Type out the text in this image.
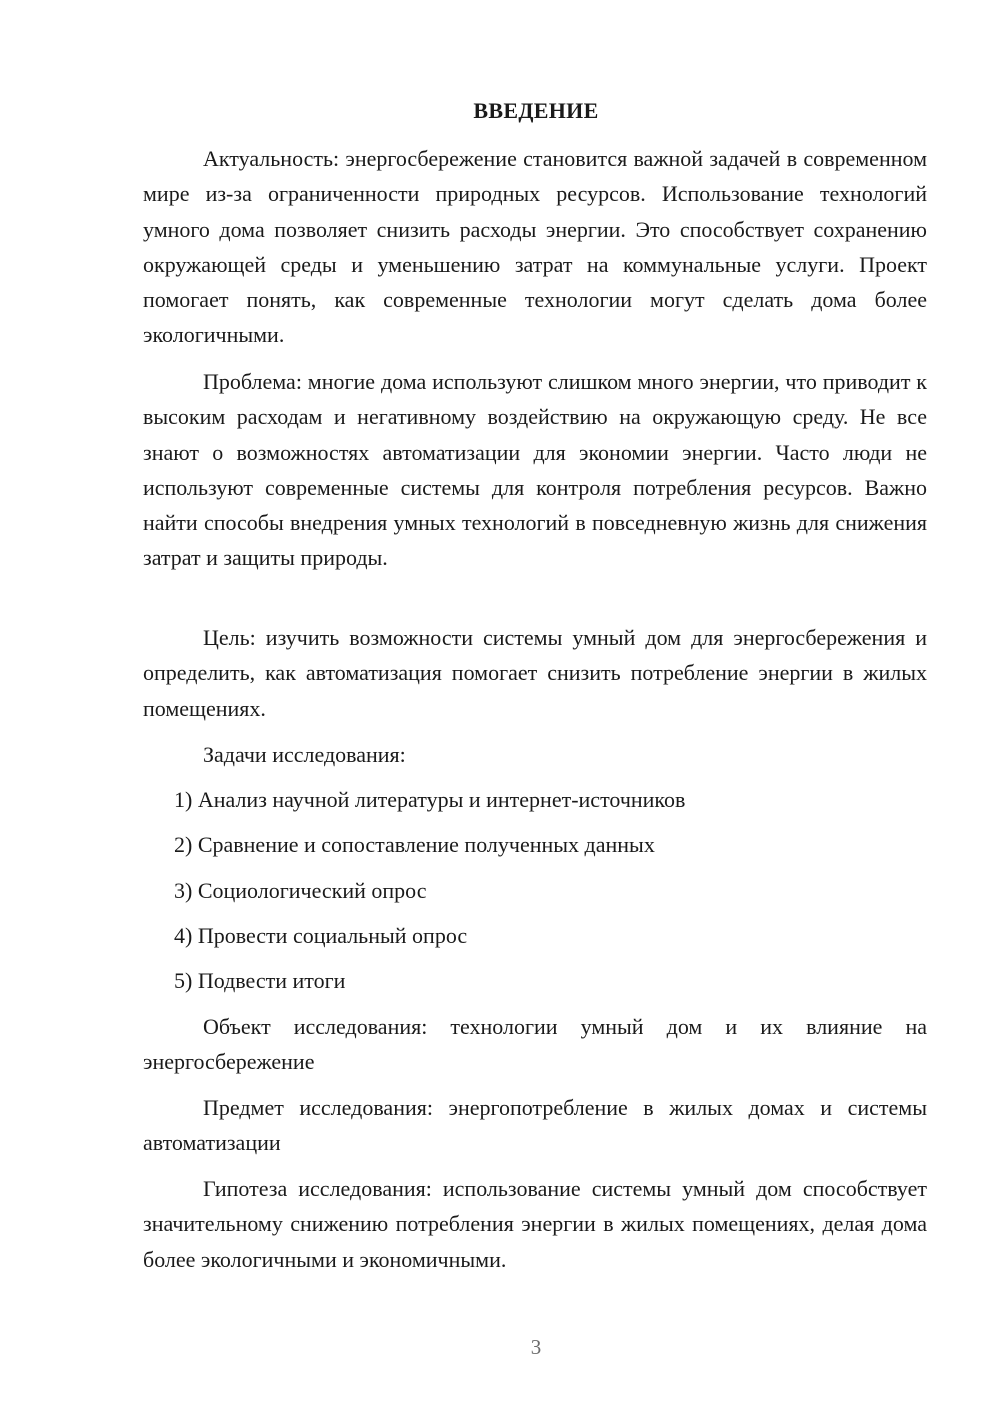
ВВЕДЕНИЕ

Актуальность: энергосбережение становится важной задачей в современном мире из-за ограниченности природных ресурсов. Использование технологий умного дома позволяет снизить расходы энергии. Это способствует сохранению окружающей среды и уменьшению затрат на коммунальные услуги. Проект помогает понять, как современные технологии могут сделать дома более экологичными.

Проблема: многие дома используют слишком много энергии, что приводит к высоким расходам и негативному воздействию на окружающую среду. Не все знают о возможностях автоматизации для экономии энергии. Часто люди не используют современные системы для контроля потребления ресурсов. Важно найти способы внедрения умных технологий в повседневную жизнь для снижения затрат и защиты природы.

Цель: изучить возможности системы умный дом для энергосбережения и определить, как автоматизация помогает снизить потребление энергии в жилых помещениях.

Задачи исследования:
1) Анализ научной литературы и интернет-источников
2) Сравнение и сопоставление полученных данных
3) Социологический опрос
4) Провести социальный опрос
5) Подвести итоги

Объект исследования: технологии умный дом и их влияние на энергосбережение

Предмет исследования: энергопотребление в жилых домах и системы автоматизации

Гипотеза исследования: использование системы умный дом способствует значительному снижению потребления энергии в жилых помещениях, делая дома более экологичными и экономичными.

3
